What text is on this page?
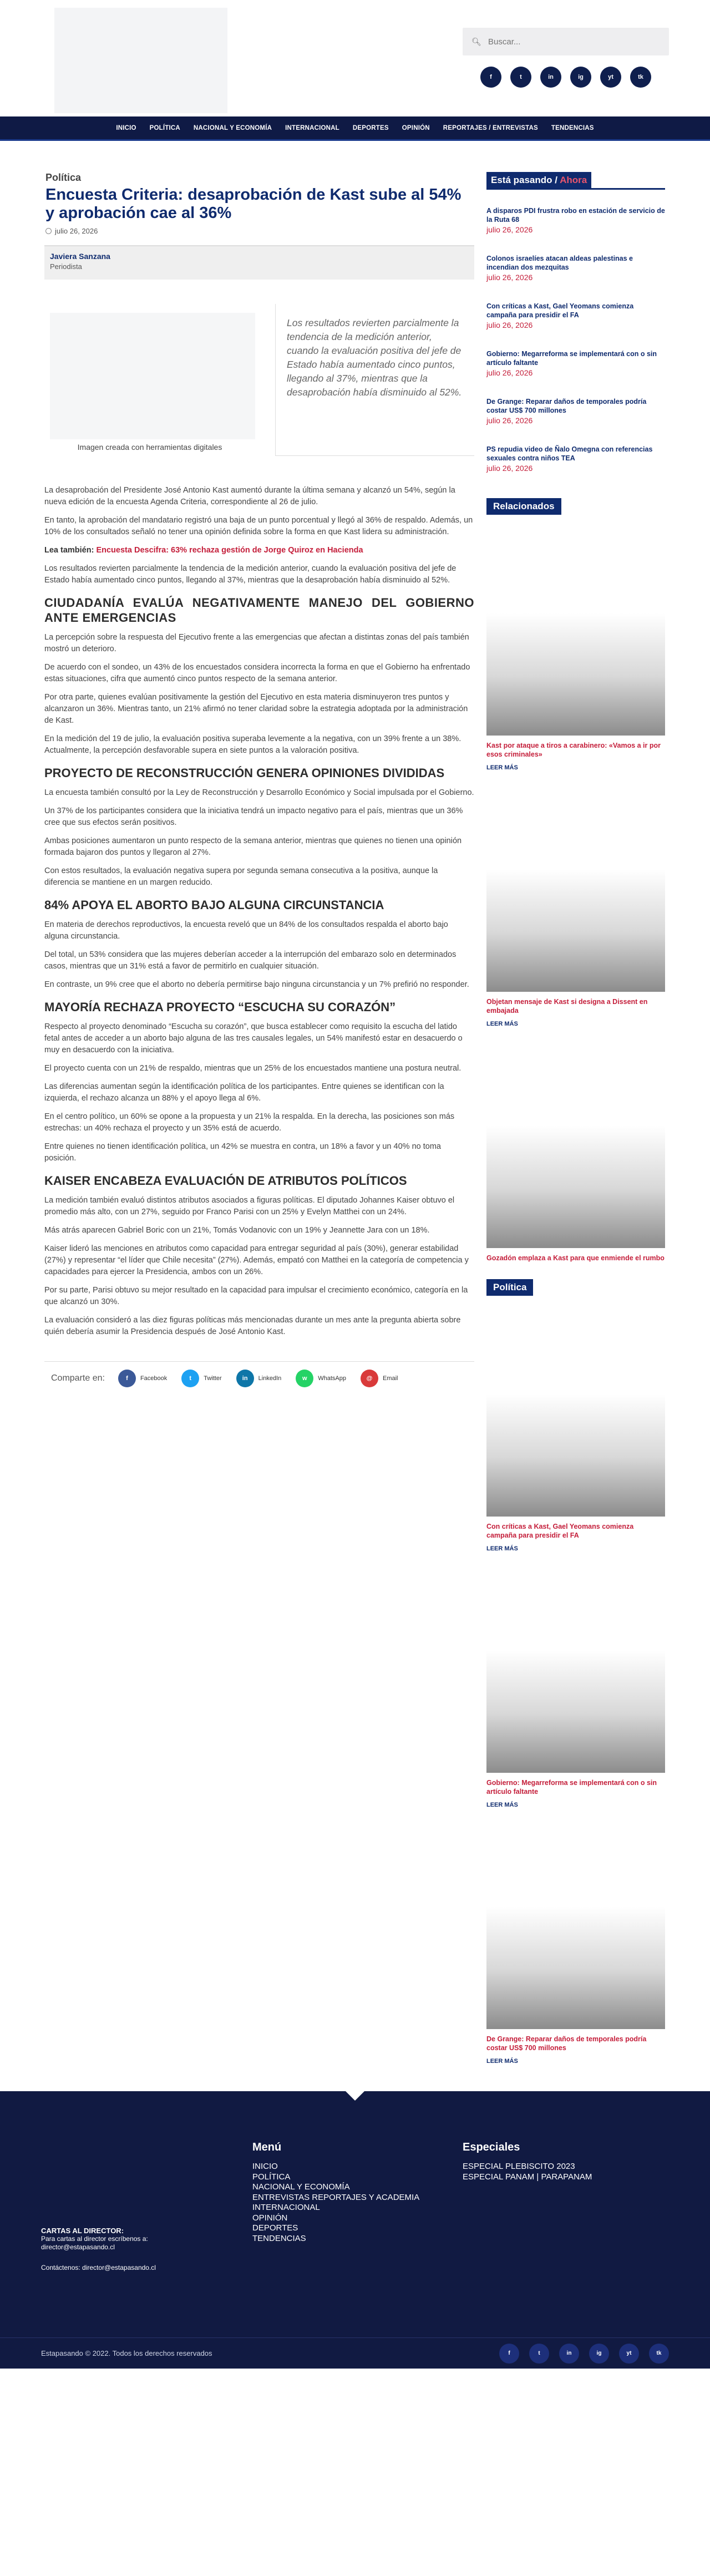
🔍︎
Buscar...
f	t	in	ig	yt	tk
INICIO POLÍTICA NACIONAL Y ECONOMÍA INTERNACIONAL DEPORTES OPINIÓN REPORTAJES / ENTREVISTAS TENDENCIAS
Política
Encuesta Criteria: desaprobación de Kast sube al 54% y aprobación cae al 36%
julio 26, 2026
Javiera Sanzana
Periodista
Imagen creada con herramientas digitales
Los resultados revierten parcialmente la tendencia de la medición anterior, cuando la evaluación positiva del jefe de Estado había aumentado cinco puntos, llegando al 37%, mientras que la desaprobación había disminuido al 52%.

La desaprobación del Presidente José Antonio Kast aumentó durante la última semana y alcanzó un 54%, según la nueva edición de la encuesta Agenda Criteria, correspondiente al 26 de julio.

En tanto, la aprobación del mandatario registró una baja de un punto porcentual y llegó al 36% de respaldo. Además, un 10% de los consultados señaló no tener una opinión definida sobre la forma en que Kast lidera su administración.

Lea también: Encuesta Descifra: 63% rechaza gestión de Jorge Quiroz en Hacienda

Los resultados revierten parcialmente la tendencia de la medición anterior, cuando la evaluación positiva del jefe de Estado había aumentado cinco puntos, llegando al 37%, mientras que la desaprobación había disminuido al 52%.

CIUDADANÍA EVALÚA NEGATIVAMENTE MANEJO DEL GOBIERNO ANTE EMERGENCIAS

La percepción sobre la respuesta del Ejecutivo frente a las emergencias que afectan a distintas zonas del país también mostró un deterioro.

De acuerdo con el sondeo, un 43% de los encuestados considera incorrecta la forma en que el Gobierno ha enfrentado estas situaciones, cifra que aumentó cinco puntos respecto de la semana anterior.

Por otra parte, quienes evalúan positivamente la gestión del Ejecutivo en esta materia disminuyeron tres puntos y alcanzaron un 36%. Mientras tanto, un 21% afirmó no tener claridad sobre la estrategia adoptada por la administración de Kast.

En la medición del 19 de julio, la evaluación positiva superaba levemente a la negativa, con un 39% frente a un 38%. Actualmente, la percepción desfavorable supera en siete puntos a la valoración positiva.

PROYECTO DE RECONSTRUCCIÓN GENERA OPINIONES DIVIDIDAS

La encuesta también consultó por la Ley de Reconstrucción y Desarrollo Económico y Social impulsada por el Gobierno.

Un 37% de los participantes considera que la iniciativa tendrá un impacto negativo para el país, mientras que un 36% cree que sus efectos serán positivos.

Ambas posiciones aumentaron un punto respecto de la semana anterior, mientras que quienes no tienen una opinión formada bajaron dos puntos y llegaron al 27%.

Con estos resultados, la evaluación negativa supera por segunda semana consecutiva a la positiva, aunque la diferencia se mantiene en un margen reducido.

84% APOYA EL ABORTO BAJO ALGUNA CIRCUNSTANCIA

En materia de derechos reproductivos, la encuesta reveló que un 84% de los consultados respalda el aborto bajo alguna circunstancia.

Del total, un 53% considera que las mujeres deberían acceder a la interrupción del embarazo solo en determinados casos, mientras que un 31% está a favor de permitirlo en cualquier situación.

En contraste, un 9% cree que el aborto no debería permitirse bajo ninguna circunstancia y un 7% prefirió no responder.

MAYORÍA RECHAZA PROYECTO “ESCUCHA SU CORAZÓN”

Respecto al proyecto denominado “Escucha su corazón”, que busca establecer como requisito la escucha del latido fetal antes de acceder a un aborto bajo alguna de las tres causales legales, un 54% manifestó estar en desacuerdo o muy en desacuerdo con la iniciativa.

El proyecto cuenta con un 21% de respaldo, mientras que un 25% de los encuestados mantiene una postura neutral.

Las diferencias aumentan según la identificación política de los participantes. Entre quienes se identifican con la izquierda, el rechazo alcanza un 88% y el apoyo llega al 6%.

En el centro político, un 60% se opone a la propuesta y un 21% la respalda. En la derecha, las posiciones son más estrechas: un 40% rechaza el proyecto y un 35% está de acuerdo.

Entre quienes no tienen identificación política, un 42% se muestra en contra, un 18% a favor y un 40% no toma posición.

KAISER ENCABEZA EVALUACIÓN DE ATRIBUTOS POLÍTICOS

La medición también evaluó distintos atributos asociados a figuras políticas. El diputado Johannes Kaiser obtuvo el promedio más alto, con un 27%, seguido por Franco Parisi con un 25% y Evelyn Matthei con un 24%.

Más atrás aparecen Gabriel Boric con un 21%, Tomás Vodanovic con un 19% y Jeannette Jara con un 18%.

Kaiser lideró las menciones en atributos como capacidad para entregar seguridad al país (30%), generar estabilidad (27%) y representar “el líder que Chile necesita” (27%). Además, empató con Matthei en la categoría de competencia y capacidades para ejercer la Presidencia, ambos con un 26%.

Por su parte, Parisi obtuvo su mejor resultado en la capacidad para impulsar el crecimiento económico, categoría en la que alcanzó un 30%.

La evaluación consideró a las diez figuras políticas más mencionadas durante un mes ante la pregunta abierta sobre quién debería asumir la Presidencia después de José Antonio Kast.

Comparte en:	f	Facebook	t	Twitter	in	LinkedIn	w	WhatsApp	@	Email
Está pasando / Ahora
A disparos PDI frustra robo en estación de servicio de la Ruta 68
julio 26, 2026
Colonos israelíes atacan aldeas palestinas e incendian dos mezquitas
julio 26, 2026
Con críticas a Kast, Gael Yeomans comienza campaña para presidir el FA
julio 26, 2026
Gobierno: Megarreforma se implementará con o sin artículo faltante
julio 26, 2026
De Grange: Reparar daños de temporales podría costar US$ 700 millones
julio 26, 2026
PS repudia video de Ñalo Omegna con referencias sexuales contra niños TEA
julio 26, 2026
Relacionados
Kast por ataque a tiros a carabinero: «Vamos a ir por esos criminales»
LEER MÁS
Objetan mensaje de Kast si designa a Dissent en embajada
LEER MÁS
Gozadón emplaza a Kast para que enmiende el rumbo
Política
Con críticas a Kast, Gael Yeomans comienza campaña para presidir el FA
LEER MÁS
Gobierno: Megarreforma se implementará con o sin artículo faltante
LEER MÁS
De Grange: Reparar daños de temporales podría costar US$ 700 millones
LEER MÁS
Menú
INICIO
POLÍTICA
NACIONAL Y ECONOMÍA
ENTREVISTAS REPORTAJES Y ACADEMIA
INTERNACIONAL
OPINIÓN
DEPORTES
TENDENCIAS
Especiales
ESPECIAL PLEBISCITO 2023
ESPECIAL PANAM | PARAPANAM
CARTAS AL DIRECTOR:
Para cartas al director escríbenos a:
director@estapasando.cl
Contáctenos: director@estapasando.cl
Estapasando © 2022. Todos los derechos reservados	f	t	in	ig	yt	tk
